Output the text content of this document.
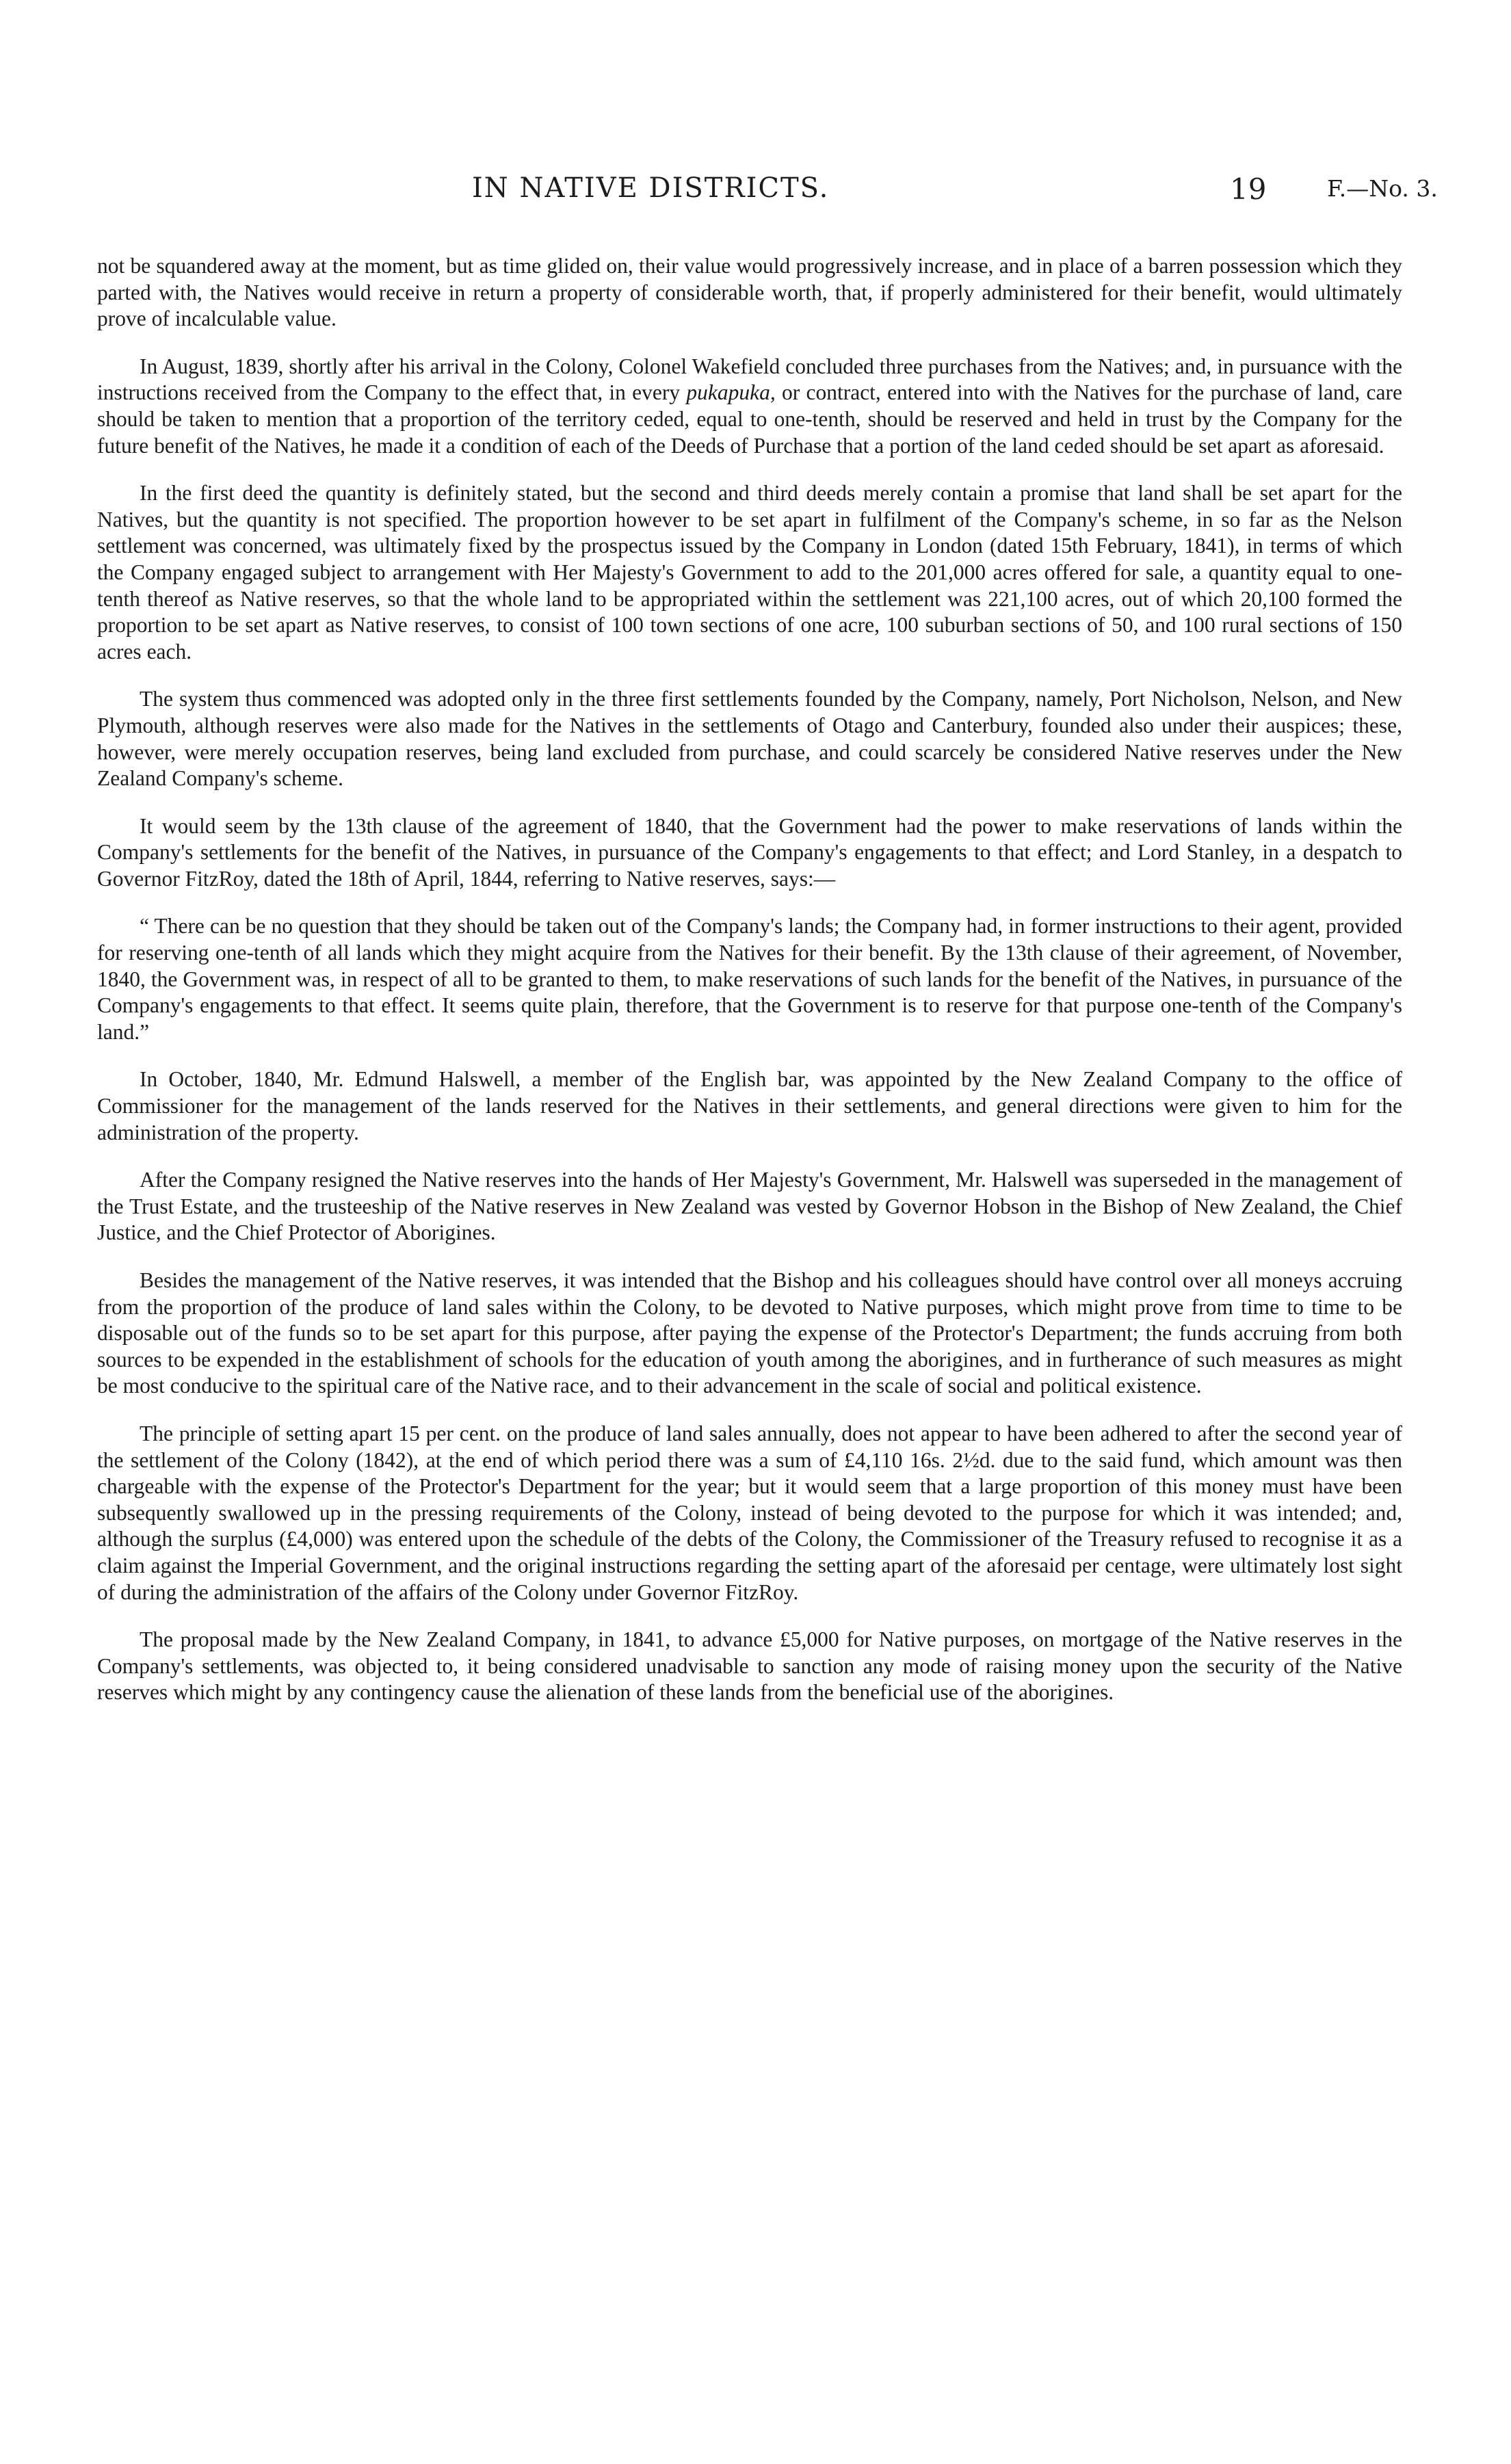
IN NATIVE DISTRICTS.	19	F.—No. 3.

not be squandered away at the moment, but as time glided on, their value would progressively increase, and in place of a barren possession which they parted with, the Natives would receive in return a property of considerable worth, that, if properly administered for their benefit, would ultimately prove of incalculable value.

In August, 1839, shortly after his arrival in the Colony, Colonel Wakefield concluded three purchases from the Natives; and, in pursuance with the instructions received from the Company to the effect that, in every pukapuka, or contract, entered into with the Natives for the purchase of land, care should be taken to mention that a proportion of the territory ceded, equal to one-tenth, should be reserved and held in trust by the Company for the future benefit of the Natives, he made it a condition of each of the Deeds of Purchase that a portion of the land ceded should be set apart as aforesaid.

In the first deed the quantity is definitely stated, but the second and third deeds merely contain a promise that land shall be set apart for the Natives, but the quantity is not specified. The proportion however to be set apart in fulfilment of the Company's scheme, in so far as the Nelson settlement was concerned, was ultimately fixed by the prospectus issued by the Company in London (dated 15th February, 1841), in terms of which the Company engaged subject to arrangement with Her Majesty's Government to add to the 201,000 acres offered for sale, a quantity equal to one-tenth thereof as Native reserves, so that the whole land to be appropriated within the settlement was 221,100 acres, out of which 20,100 formed the proportion to be set apart as Native reserves, to consist of 100 town sections of one acre, 100 suburban sections of 50, and 100 rural sections of 150 acres each.

The system thus commenced was adopted only in the three first settlements founded by the Company, namely, Port Nicholson, Nelson, and New Plymouth, although reserves were also made for the Natives in the settlements of Otago and Canterbury, founded also under their auspices; these, however, were merely occupation reserves, being land excluded from purchase, and could scarcely be considered Native reserves under the New Zealand Company's scheme.

It would seem by the 13th clause of the agreement of 1840, that the Government had the power to make reservations of lands within the Company's settlements for the benefit of the Natives, in pursuance of the Company's engagements to that effect; and Lord Stanley, in a despatch to Governor FitzRoy, dated the 18th of April, 1844, referring to Native reserves, says:—

“ There can be no question that they should be taken out of the Company's lands; the Company had, in former instructions to their agent, provided for reserving one-tenth of all lands which they might acquire from the Natives for their benefit. By the 13th clause of their agreement, of November, 1840, the Government was, in respect of all to be granted to them, to make reservations of such lands for the benefit of the Natives, in pursuance of the Company's engagements to that effect. It seems quite plain, therefore, that the Government is to reserve for that purpose one-tenth of the Company's land.”

In October, 1840, Mr. Edmund Halswell, a member of the English bar, was appointed by the New Zealand Company to the office of Commissioner for the management of the lands reserved for the Natives in their settlements, and general directions were given to him for the administration of the property.

After the Company resigned the Native reserves into the hands of Her Majesty's Government, Mr. Halswell was superseded in the management of the Trust Estate, and the trusteeship of the Native reserves in New Zealand was vested by Governor Hobson in the Bishop of New Zealand, the Chief Justice, and the Chief Protector of Aborigines.

Besides the management of the Native reserves, it was intended that the Bishop and his colleagues should have control over all moneys accruing from the proportion of the produce of land sales within the Colony, to be devoted to Native purposes, which might prove from time to time to be disposable out of the funds so to be set apart for this purpose, after paying the expense of the Protector's Department; the funds accruing from both sources to be expended in the establishment of schools for the education of youth among the aborigines, and in furtherance of such measures as might be most conducive to the spiritual care of the Native race, and to their advancement in the scale of social and political existence.

The principle of setting apart 15 per cent. on the produce of land sales annually, does not appear to have been adhered to after the second year of the settlement of the Colony (1842), at the end of which period there was a sum of £4,110 16s. 2½d. due to the said fund, which amount was then chargeable with the expense of the Protector's Department for the year; but it would seem that a large proportion of this money must have been subsequently swallowed up in the pressing requirements of the Colony, instead of being devoted to the purpose for which it was intended; and, although the surplus (£4,000) was entered upon the schedule of the debts of the Colony, the Commissioner of the Treasury refused to recognise it as a claim against the Imperial Government, and the original instructions regarding the setting apart of the aforesaid per centage, were ultimately lost sight of during the administration of the affairs of the Colony under Governor FitzRoy.

The proposal made by the New Zealand Company, in 1841, to advance £5,000 for Native purposes, on mortgage of the Native reserves in the Company's settlements, was objected to, it being considered unadvisable to sanction any mode of raising money upon the security of the Native reserves which might by any contingency cause the alienation of these lands from the beneficial use of the aborigines.
